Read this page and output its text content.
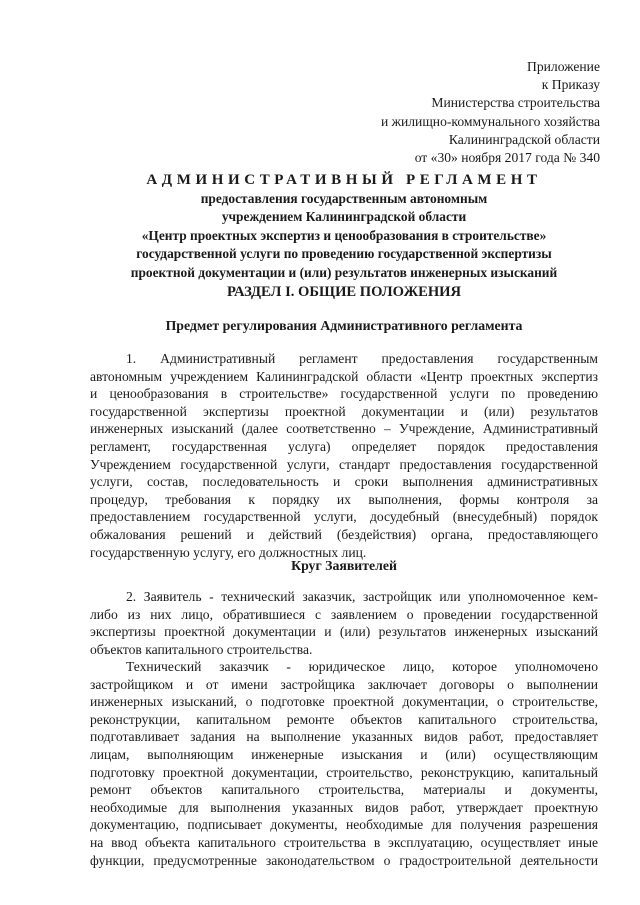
Приложение
к Приказу
Министерства строительства
и жилищно-коммунального хозяйства
Калининградской области
от «30» ноября 2017 года № 340
АДМИНИСТРАТИВНЫЙ РЕГЛАМЕНТ
предоставления государственным автономным
учреждением Калининградской области
«Центр проектных экспертиз и ценообразования в строительстве»
государственной услуги по проведению государственной экспертизы
проектной документации и (или) результатов инженерных изысканий
РАЗДЕЛ I. ОБЩИЕ ПОЛОЖЕНИЯ
Предмет регулирования Административного регламента
1. Административный регламент предоставления государственным
автономным учреждением Калининградской области «Центр проектных экспертиз
и ценообразования в строительстве» государственной услуги по проведению
государственной экспертизы проектной документации и (или) результатов
инженерных изысканий (далее соответственно – Учреждение, Административный
регламент, государственная услуга) определяет порядок предоставления
Учреждением государственной услуги, стандарт предоставления государственной
услуги, состав, последовательность и сроки выполнения административных
процедур, требования к порядку их выполнения, формы контроля за
предоставлением государственной услуги, досудебный (внесудебный) порядок
обжалования решений и действий (бездействия) органа, предоставляющего
государственную услугу, его должностных лиц.
Круг Заявителей
2. Заявитель - технический заказчик, застройщик или уполномоченное кем-
либо из них лицо, обратившиеся с заявлением о проведении государственной
экспертизы проектной документации и (или) результатов инженерных изысканий
объектов капитального строительства.
Технический заказчик - юридическое лицо, которое уполномочено
застройщиком и от имени застройщика заключает договоры о выполнении
инженерных изысканий, о подготовке проектной документации, о строительстве,
реконструкции, капитальном ремонте объектов капитального строительства,
подготавливает задания на выполнение указанных видов работ, предоставляет
лицам, выполняющим инженерные изыскания и (или) осуществляющим
подготовку проектной документации, строительство, реконструкцию, капитальный
ремонт объектов капитального строительства, материалы и документы,
необходимые для выполнения указанных видов работ, утверждает проектную
документацию, подписывает документы, необходимые для получения разрешения
на ввод объекта капитального строительства в эксплуатацию, осуществляет иные
функции, предусмотренные законодательством о градостроительной деятельности
